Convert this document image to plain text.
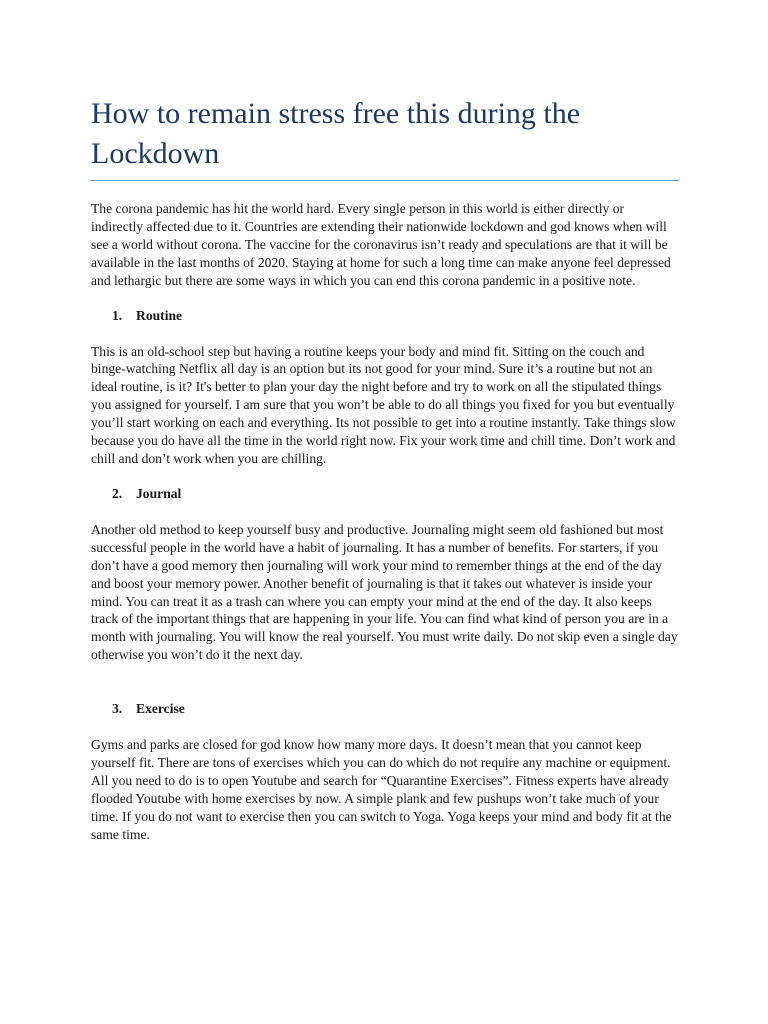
How to remain stress free this during the Lockdown

The corona pandemic has hit the world hard. Every single person in this world is either directly or indirectly affected due to it. Countries are extending their nationwide lockdown and god knows when will see a world without corona. The vaccine for the coronavirus isn’t ready and speculations are that it will be available in the last months of 2020. Staying at home for such a long time can make anyone feel depressed and lethargic but there are some ways in which you can end this corona pandemic in a positive note.

1. Routine

This is an old-school step but having a routine keeps your body and mind fit. Sitting on the couch and binge-watching Netflix all day is an option but its not good for your mind. Sure it’s a routine but not an ideal routine, is it? It's better to plan your day the night before and try to work on all the stipulated things you assigned for yourself. I am sure that you won’t be able to do all things you fixed for you but eventually you’ll start working on each and everything. Its not possible to get into a routine instantly. Take things slow because you do have all the time in the world right now. Fix your work time and chill time. Don’t work and chill and don’t work when you are chilling.

2. Journal

Another old method to keep yourself busy and productive. Journaling might seem old fashioned but most successful people in the world have a habit of journaling. It has a number of benefits. For starters, if you don’t have a good memory then journaling will work your mind to remember things at the end of the day and boost your memory power. Another benefit of journaling is that it takes out whatever is inside your mind. You can treat it as a trash can where you can empty your mind at the end of the day. It also keeps track of the important things that are happening in your life. You can find what kind of person you are in a month with journaling. You will know the real yourself. You must write daily. Do not skip even a single day otherwise you won’t do it the next day.

3. Exercise

Gyms and parks are closed for god know how many more days. It doesn’t mean that you cannot keep yourself fit. There are tons of exercises which you can do which do not require any machine or equipment. All you need to do is to open Youtube and search for “Quarantine Exercises”. Fitness experts have already flooded Youtube with home exercises by now. A simple plank and few pushups won’t take much of your time. If you do not want to exercise then you can switch to Yoga. Yoga keeps your mind and body fit at the same time.
